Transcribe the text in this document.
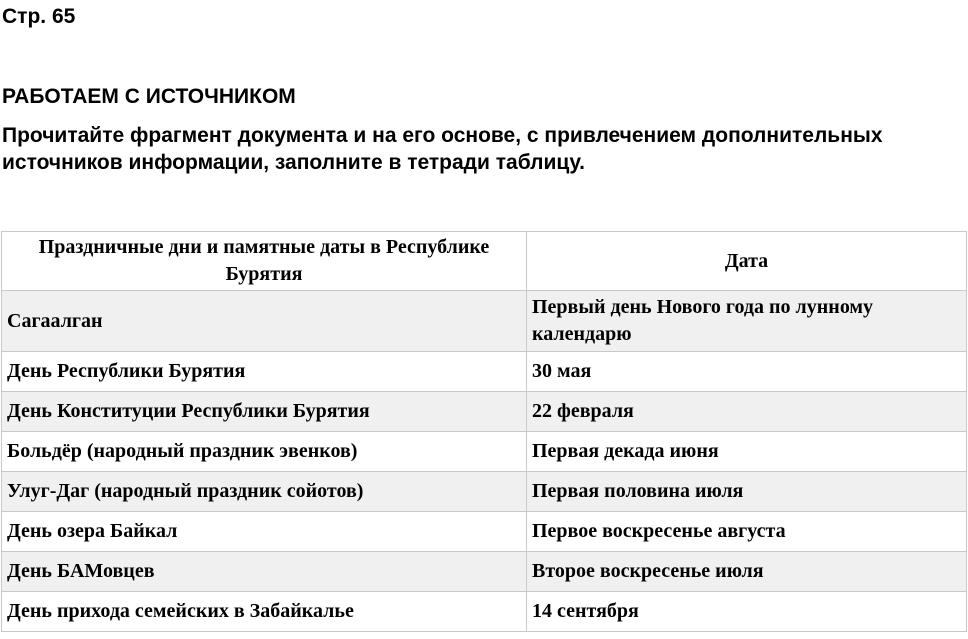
Стр. 65

РАБОТАЕМ С ИСТОЧНИКОМ

Прочитайте фрагмент документа и на его основе, с привлечением дополнительных источников информации, заполните в тетради таблицу.

Праздничные дни и памятные даты в Республике Бурятия	Дата
Сагаалган	Первый день Нового года по лунному календарю
День Республики Бурятия	30 мая
День Конституции Республики Бурятия	22 февраля
Больдёр (народный праздник эвенков)	Первая декада июня
Улуг-Даг (народный праздник сойотов)	Первая половина июля
День озера Байкал	Первое воскресенье августа
День БАМовцев	Второе воскресенье июля
День прихода семейских в Забайкалье	14 сентября
